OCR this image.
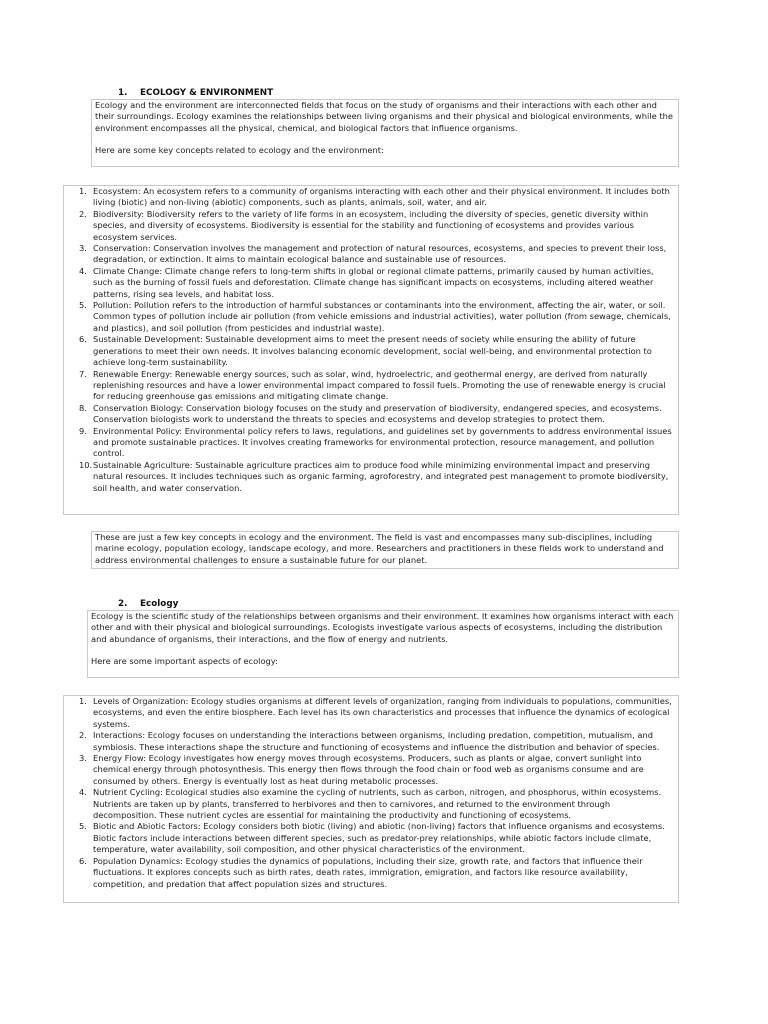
1. ECOLOGY & ENVIRONMENT

Ecology and the environment are interconnected fields that focus on the study of organisms and their interactions with each other and their surroundings. Ecology examines the relationships between living organisms and their physical and biological environments, while the environment encompasses all the physical, chemical, and biological factors that influence organisms.

Here are some key concepts related to ecology and the environment:

1. Ecosystem: An ecosystem refers to a community of organisms interacting with each other and their physical environment. It includes both living (biotic) and non-living (abiotic) components, such as plants, animals, soil, water, and air.
2. Biodiversity: Biodiversity refers to the variety of life forms in an ecosystem, including the diversity of species, genetic diversity within species, and diversity of ecosystems. Biodiversity is essential for the stability and functioning of ecosystems and provides various ecosystem services.
3. Conservation: Conservation involves the management and protection of natural resources, ecosystems, and species to prevent their loss, degradation, or extinction. It aims to maintain ecological balance and sustainable use of resources.
4. Climate Change: Climate change refers to long-term shifts in global or regional climate patterns, primarily caused by human activities, such as the burning of fossil fuels and deforestation. Climate change has significant impacts on ecosystems, including altered weather patterns, rising sea levels, and habitat loss.
5. Pollution: Pollution refers to the introduction of harmful substances or contaminants into the environment, affecting the air, water, or soil. Common types of pollution include air pollution (from vehicle emissions and industrial activities), water pollution (from sewage, chemicals, and plastics), and soil pollution (from pesticides and industrial waste).
6. Sustainable Development: Sustainable development aims to meet the present needs of society while ensuring the ability of future generations to meet their own needs. It involves balancing economic development, social well-being, and environmental protection to achieve long-term sustainability.
7. Renewable Energy: Renewable energy sources, such as solar, wind, hydroelectric, and geothermal energy, are derived from naturally replenishing resources and have a lower environmental impact compared to fossil fuels. Promoting the use of renewable energy is crucial for reducing greenhouse gas emissions and mitigating climate change.
8. Conservation Biology: Conservation biology focuses on the study and preservation of biodiversity, endangered species, and ecosystems. Conservation biologists work to understand the threats to species and ecosystems and develop strategies to protect them.
9. Environmental Policy: Environmental policy refers to laws, regulations, and guidelines set by governments to address environmental issues and promote sustainable practices. It involves creating frameworks for environmental protection, resource management, and pollution control.
10. Sustainable Agriculture: Sustainable agriculture practices aim to produce food while minimizing environmental impact and preserving natural resources. It includes techniques such as organic farming, agroforestry, and integrated pest management to promote biodiversity, soil health, and water conservation.

These are just a few key concepts in ecology and the environment. The field is vast and encompasses many sub-disciplines, including marine ecology, population ecology, landscape ecology, and more. Researchers and practitioners in these fields work to understand and address environmental challenges to ensure a sustainable future for our planet.

2. Ecology

Ecology is the scientific study of the relationships between organisms and their environment. It examines how organisms interact with each other and with their physical and biological surroundings. Ecologists investigate various aspects of ecosystems, including the distribution and abundance of organisms, their interactions, and the flow of energy and nutrients.

Here are some important aspects of ecology:

1. Levels of Organization: Ecology studies organisms at different levels of organization, ranging from individuals to populations, communities, ecosystems, and even the entire biosphere. Each level has its own characteristics and processes that influence the dynamics of ecological systems.
2. Interactions: Ecology focuses on understanding the interactions between organisms, including predation, competition, mutualism, and symbiosis. These interactions shape the structure and functioning of ecosystems and influence the distribution and behavior of species.
3. Energy Flow: Ecology investigates how energy moves through ecosystems. Producers, such as plants or algae, convert sunlight into chemical energy through photosynthesis. This energy then flows through the food chain or food web as organisms consume and are consumed by others. Energy is eventually lost as heat during metabolic processes.
4. Nutrient Cycling: Ecological studies also examine the cycling of nutrients, such as carbon, nitrogen, and phosphorus, within ecosystems. Nutrients are taken up by plants, transferred to herbivores and then to carnivores, and returned to the environment through decomposition. These nutrient cycles are essential for maintaining the productivity and functioning of ecosystems.
5. Biotic and Abiotic Factors: Ecology considers both biotic (living) and abiotic (non-living) factors that influence organisms and ecosystems. Biotic factors include interactions between different species, such as predator-prey relationships, while abiotic factors include climate, temperature, water availability, soil composition, and other physical characteristics of the environment.
6. Population Dynamics: Ecology studies the dynamics of populations, including their size, growth rate, and factors that influence their fluctuations. It explores concepts such as birth rates, death rates, immigration, emigration, and factors like resource availability, competition, and predation that affect population sizes and structures.
